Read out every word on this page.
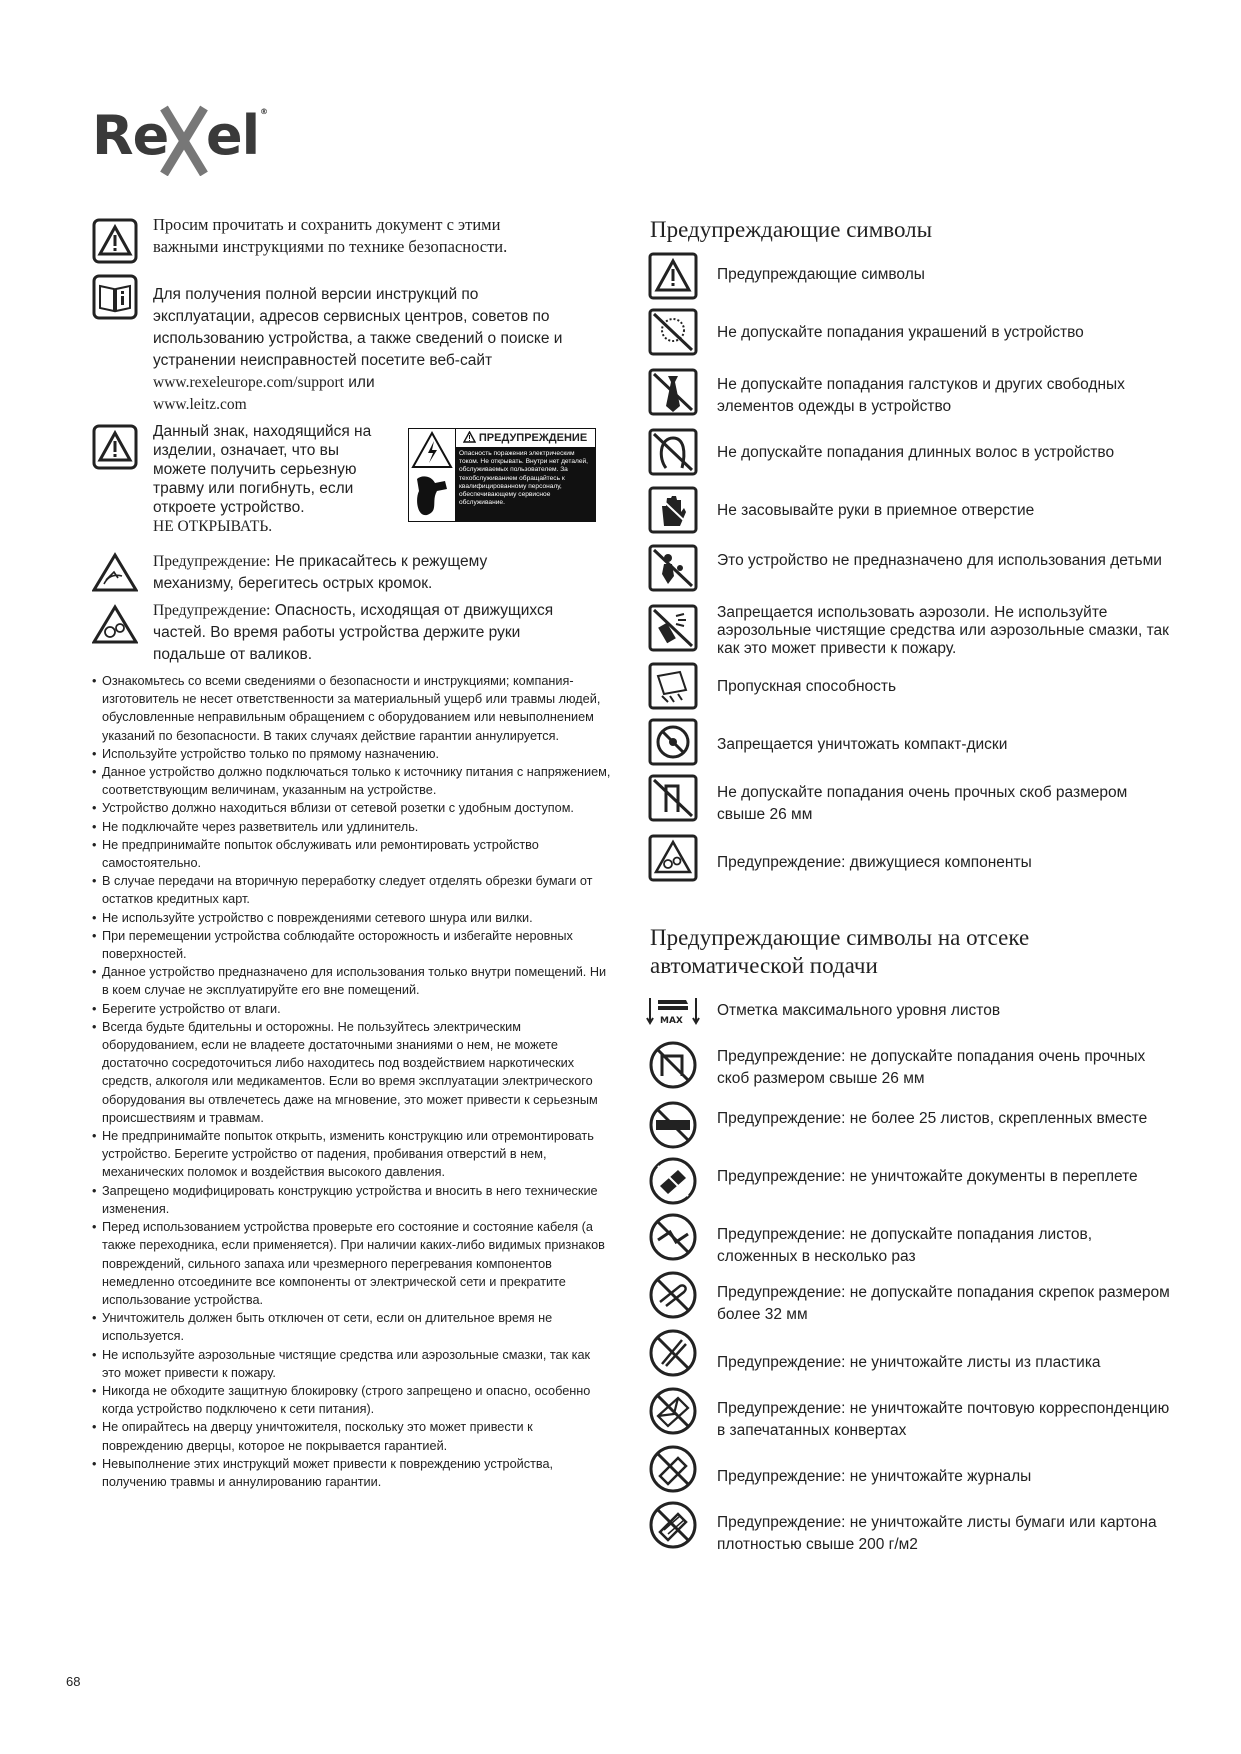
Re el ®
Просим прочитать и сохранить документ с этими важными инструкциями по технике безопасности.
Для получения полной версии инструкций по эксплуатации, адресов сервисных центров, советов по использованию устройства, а также сведений о поиске и устранении неисправностей посетите веб-сайт www.rexeleurope.com/support или
www.leitz.com
Данный знак, находящийся на изделии, означает, что вы можете получить серьезную травму или погибнуть, если откроете устройство.
НЕ ОТКРЫВАТЬ.
ПРЕДУПРЕЖДЕНИЕ
Опасность поражения электрическим током. Не открывать. Внутри нет деталей, обслуживаемых пользователем. За техобслуживанием обращайтесь к квалифицированному персоналу, обеспечивающему сервисное обслуживание.
Предупреждение: Не прикасайтесь к режущему механизму, берегитесь острых кромок.
Предупреждение: Опасность, исходящая от движущихся частей. Во время работы устройства держите руки подальше от валиков.
• Ознакомьтесь со всеми сведениями о безопасности и инструкциями; компания-изготовитель не несет ответственности за материальный ущерб или травмы людей, обусловленные неправильным обращением с оборудованием или невыполнением указаний по безопасности. В таких случаях действие гарантии аннулируется.
• Используйте устройство только по прямому назначению.
• Данное устройство должно подключаться только к источнику питания с напряжением, соответствующим величинам, указанным на устройстве.
• Устройство должно находиться вблизи от сетевой розетки с удобным доступом.
• Не подключайте через разветвитель или удлинитель.
• Не предпринимайте попыток обслуживать или ремонтировать устройство самостоятельно.
• В случае передачи на вторичную переработку следует отделять обрезки бумаги от остатков кредитных карт.
• Не используйте устройство с повреждениями сетевого шнура или вилки.
• При перемещении устройства соблюдайте осторожность и избегайте неровных поверхностей.
• Данное устройство предназначено для использования только внутри помещений. Ни в коем случае не эксплуатируйте его вне помещений.
• Берегите устройство от влаги.
• Всегда будьте бдительны и осторожны. Не пользуйтесь электрическим оборудованием, если не владеете достаточными знаниями о нем, не можете достаточно сосредоточиться либо находитесь под воздействием наркотических средств, алкоголя или медикаментов. Если во время эксплуатации электрического оборудования вы отвлечетесь даже на мгновение, это может привести к серьезным происшествиям и травмам.
• Не предпринимайте попыток открыть, изменить конструкцию или отремонтировать устройство. Берегите устройство от падения, пробивания отверстий в нем, механических поломок и воздействия высокого давления.
• Запрещено модифицировать конструкцию устройства и вносить в него технические изменения.
• Перед использованием устройства проверьте его состояние и состояние кабеля (а также переходника, если применяется). При наличии каких-либо видимых признаков повреждений, сильного запаха или чрезмерного перегревания компонентов немедленно отсоедините все компоненты от электрической сети и прекратите использование устройства.
• Уничтожитель должен быть отключен от сети, если он длительное время не используется.
• Не используйте аэрозольные чистящие средства или аэрозольные смазки, так как это может привести к пожару.
• Никогда не обходите защитную блокировку (строго запрещено и опасно, особенно когда устройство подключено к сети питания).
• Не опирайтесь на дверцу уничтожителя, поскольку это может привести к повреждению дверцы, которое не покрывается гарантией.
• Невыполнение этих инструкций может привести к повреждению устройства, получению травмы и аннулированию гарантии.
68
Предупреждающие символы
Предупреждающие символы
Не допускайте попадания украшений в устройство
Не допускайте попадания галстуков и других свободных элементов одежды в устройство
Не допускайте попадания длинных волос в устройство
Не засовывайте руки в приемное отверстие
Это устройство не предназначено для использования детьми
Запрещается использовать аэрозоли. Не используйте аэрозольные чистящие средства или аэрозольные смазки, так как это может привести к пожару.
Пропускная способность
Запрещается уничтожать компакт-диски
Не допускайте попадания очень прочных скоб размером свыше 26 мм
Предупреждение: движущиеся компоненты
Предупреждающие символы на отсеке автоматической подачи
MAX
Отметка максимального уровня листов
Предупреждение: не допускайте попадания очень прочных скоб размером свыше 26 мм
Предупреждение: не более 25 листов, скрепленных вместе
Предупреждение: не уничтожайте документы в переплете
Предупреждение: не допускайте попадания листов, сложенных в несколько раз
Предупреждение: не допускайте попадания скрепок размером более 32 мм
Предупреждение: не уничтожайте листы из пластика
Предупреждение: не уничтожайте почтовую корреспонденцию в запечатанных конвертах
Предупреждение: не уничтожайте журналы
Предупреждение: не уничтожайте листы бумаги или картона плотностью свыше 200 г/м2
